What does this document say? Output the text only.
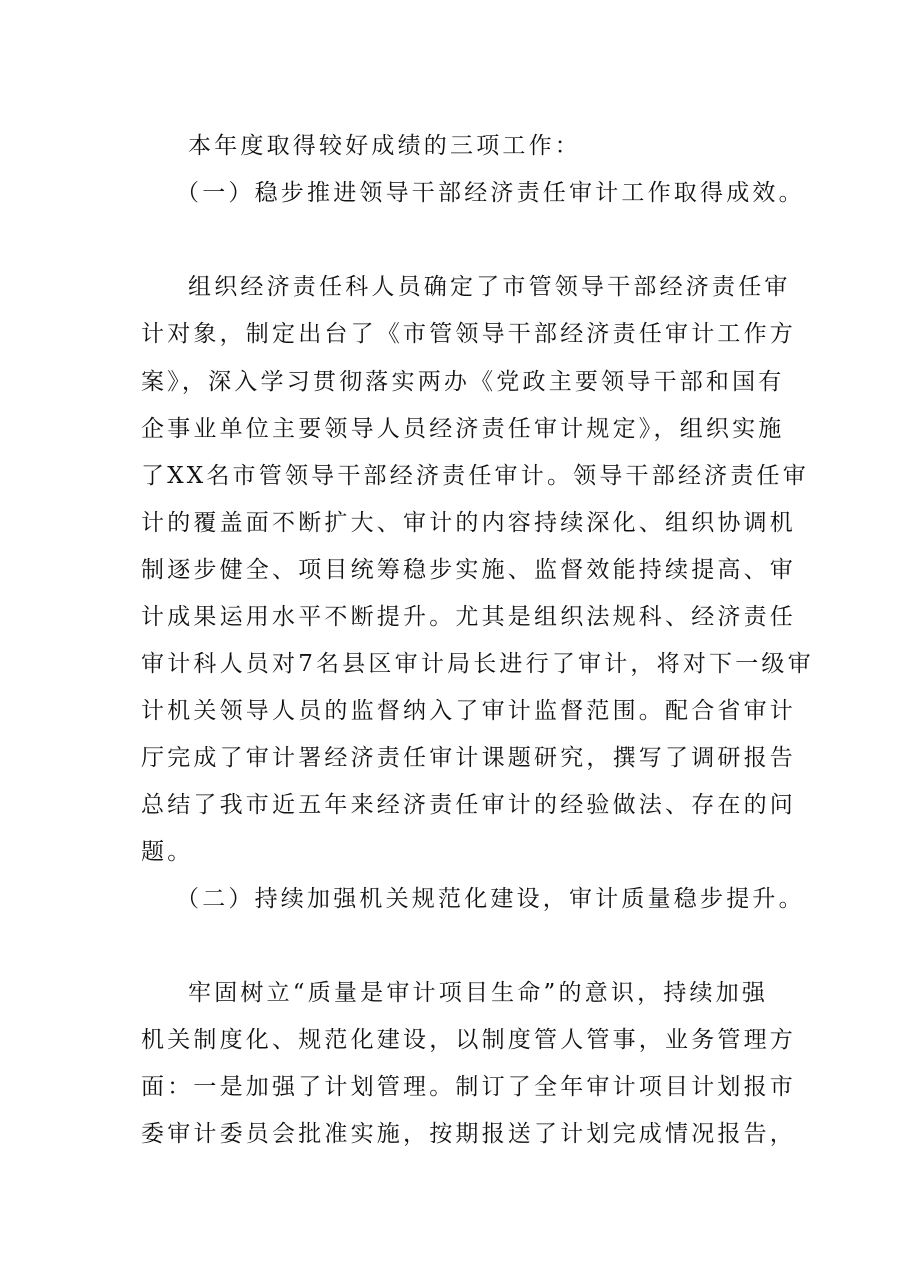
本年度取得较好成绩的三项工作：
（一）稳步推进领导干部经济责任审计工作取得成效。
组织经济责任科人员确定了市管领导干部经济责任审
计对象，制定出台了《市管领导干部经济责任审计工作方
案》，深入学习贯彻落实两办《党政主要领导干部和国有
企事业单位主要领导人员经济责任审计规定》，组织实施
了XX名市管领导干部经济责任审计。领导干部经济责任审
计的覆盖面不断扩大、审计的内容持续深化、组织协调机
制逐步健全、项目统筹稳步实施、监督效能持续提高、审
计成果运用水平不断提升。尤其是组织法规科、经济责任
审计科人员对7名县区审计局长进行了审计，将对下一级审
计机关领导人员的监督纳入了审计监督范围。配合省审计
厅完成了审计署经济责任审计课题研究，撰写了调研报告
总结了我市近五年来经济责任审计的经验做法、存在的问
题。
（二）持续加强机关规范化建设，审计质量稳步提升。
牢固树立“质量是审计项目生命”的意识，持续加强
机关制度化、规范化建设，以制度管人管事，业务管理方
面：一是加强了计划管理。制订了全年审计项目计划报市
委审计委员会批准实施，按期报送了计划完成情况报告，
